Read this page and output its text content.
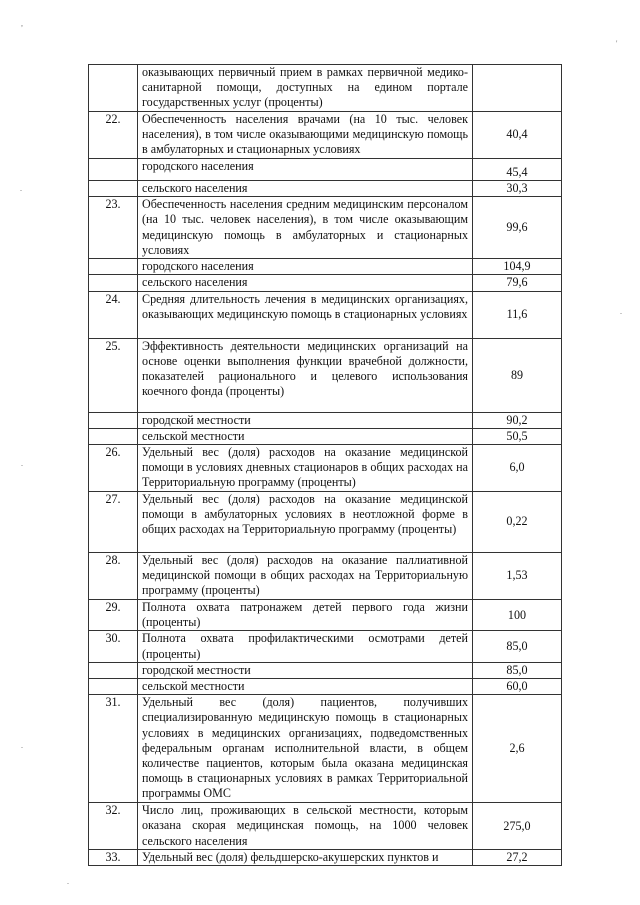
,
.
'
.
.
.
.
	оказывающих первичный прием в рамках первичной медико-санитарной помощи, доступных на едином портале государственных услуг (проценты)	
22.	Обеспеченность населения врачами (на 10 тыс. человек населения), в том числе оказывающими медицинскую помощь в амбулаторных и стационарных условиях	40,4
	городского населения	45,4
	сельского населения	30,3
23.	Обеспеченность населения средним медицинским персоналом (на 10 тыс. человек населения), в том числе оказывающим медицинскую помощь в амбулаторных и стационарных условиях	99,6
	городского населения	104,9
	сельского населения	79,6
24.	Средняя длительность лечения в медицинских организациях, оказывающих медицинскую помощь в стационарных условиях	11,6
25.	Эффективность деятельности медицинских организаций на основе оценки выполнения функции врачебной должности, показателей рационального и целевого использования коечного фонда (проценты)	89
	городской местности	90,2
	сельской местности	50,5
26.	Удельный вес (доля) расходов на оказание медицинской помощи в условиях дневных стационаров в общих расходах на Территориальную программу (проценты)	6,0
27.	Удельный вес (доля) расходов на оказание медицинской помощи в амбулаторных условиях в неотложной форме в общих расходах на Территориальную программу (проценты)	0,22
28.	Удельный вес (доля) расходов на оказание паллиативной медицинской помощи в общих расходах на Территориальную программу (проценты)	1,53
29.	Полнота охвата патронажем детей первого года жизни (проценты)	100
30.	Полнота охвата профилактическими осмотрами детей (проценты)	85,0
	городской местности	85,0
	сельской местности	60,0
31.	Удельный вес (доля) пациентов, получивших специализированную медицинскую помощь в стационарных условиях в медицинских организациях, подведомственных федеральным органам исполнительной власти, в общем количестве пациентов, которым была оказана медицинская помощь в стационарных условиях в рамках Территориальной программы ОМС	2,6
32.	Число лиц, проживающих в сельской местности, которым оказана скорая медицинская помощь, на 1000 человек сельского населения	275,0
33.	Удельный вес (доля) фельдшерско-акушерских пунктов и	27,2
